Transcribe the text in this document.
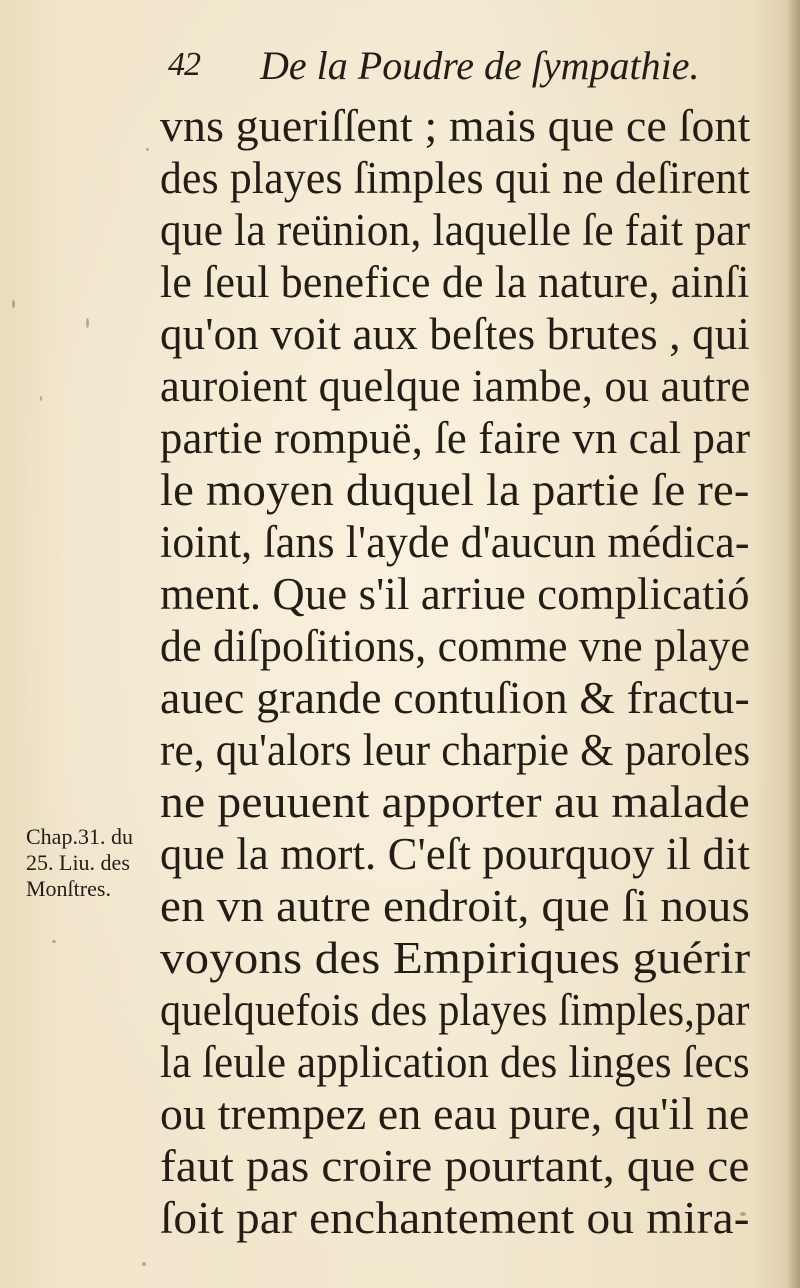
42 De la Poudre de ſympathie.
vns gueriſſent ; mais que ce ſont
des playes ſimples qui ne deſirent
que la reünion, laquelle ſe fait par
le ſeul benefice de la nature, ainſi
qu'on voit aux beſtes brutes , qui
auroient quelque iambe, ou autre
partie rompuë, ſe faire vn cal par
le moyen duquel la partie ſe re-
ioint, ſans l'ayde d'aucun médica-
ment. Que s'il arriue complicatió
de diſpoſitions, comme vne playe
auec grande contuſion & fractu-
re, qu'alors leur charpie & paroles
ne peuuent apporter au malade
que la mort. C'eſt pourquoy il dit
en vn autre endroit, que ſi nous
voyons des Empiriques guérir
quelquefois des playes ſimples,par
la ſeule application des linges ſecs
ou trempez en eau pure, qu'il ne
faut pas croire pourtant, que ce
ſoit par enchantement ou mira-
Chap.31. du
25. Liu. des
Monſtres.
